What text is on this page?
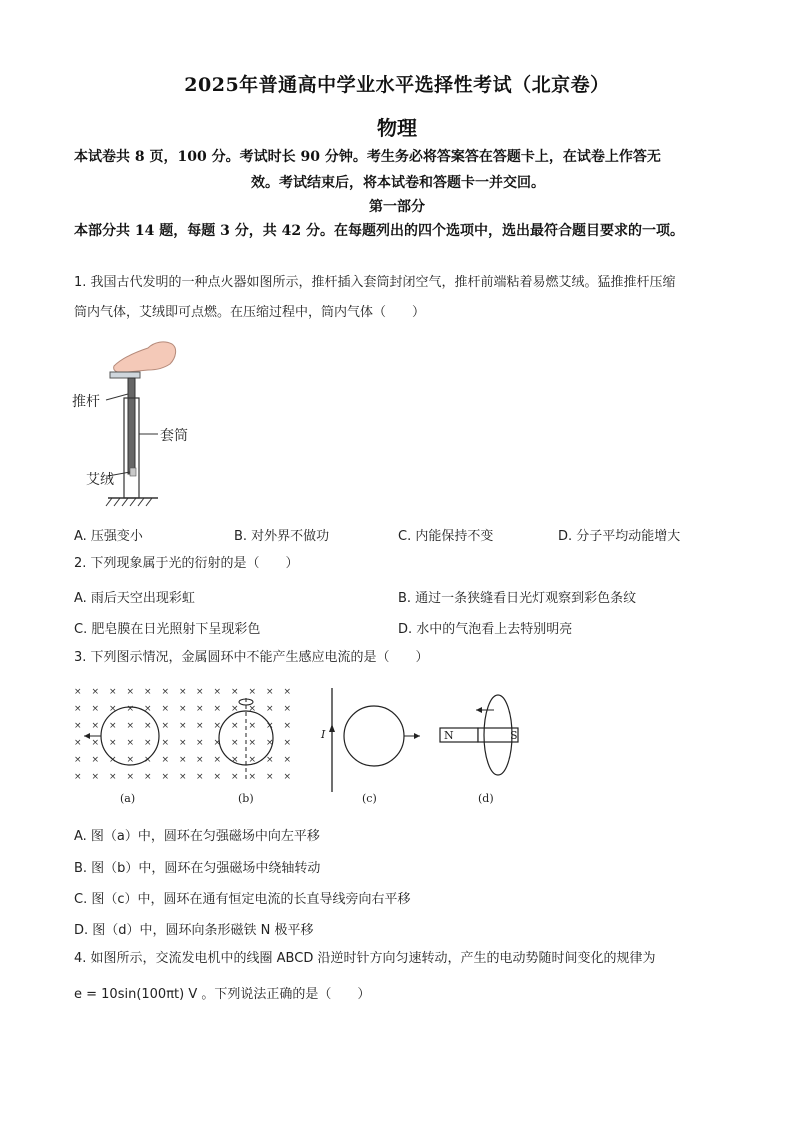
2025年普通高中学业水平选择性考试（北京卷）
物理
本试卷共 8 页，100 分。考试时长 90 分钟。考生务必将答案答在答题卡上，在试卷上作答无
效。考试结束后，将本试卷和答题卡一并交回。
第一部分
本部分共 14 题，每题 3 分，共 42 分。在每题列出的四个选项中，选出最符合题目要求的一项。
1. 我国古代发明的一种点火器如图所示，推杆插入套筒封闭空气，推杆前端粘着易燃艾绒。猛推推杆压缩
筒内气体，艾绒即可点燃。在压缩过程中，筒内气体（　　）
推杆
套筒
艾绒
A. 压强变小	B. 对外界不做功	C. 内能保持不变	D. 分子平均动能增大
2. 下列现象属于光的衍射的是（　　）
A. 雨后天空出现彩虹	B. 通过一条狭缝看日光灯观察到彩色条纹
C. 肥皂膜在日光照射下呈现彩色	D. 水中的气泡看上去特别明亮
3. 下列图示情况，金属圆环中不能产生感应电流的是（　　）
× × × × × × ×
× × × × × × ×
× × × × × × ×
× × × × × × ×
× × × × × × ×
× × × × × × ×
(a)
× × × × × ×
× × × × × ×
× × × × × ×
× × × × × ×
× × × × × ×
× × × × × ×
(b)
I
(c)
N	S
(d)
A. 图（a）中，圆环在匀强磁场中向左平移
B. 图（b）中，圆环在匀强磁场中绕轴转动
C. 图（c）中，圆环在通有恒定电流的长直导线旁向右平移
D. 图（d）中，圆环向条形磁铁 N 极平移
4. 如图所示，交流发电机中的线圈 ABCD 沿逆时针方向匀速转动，产生的电动势随时间变化的规律为
e = 10sin(100πt) V 。下列说法正确的是（　　）
